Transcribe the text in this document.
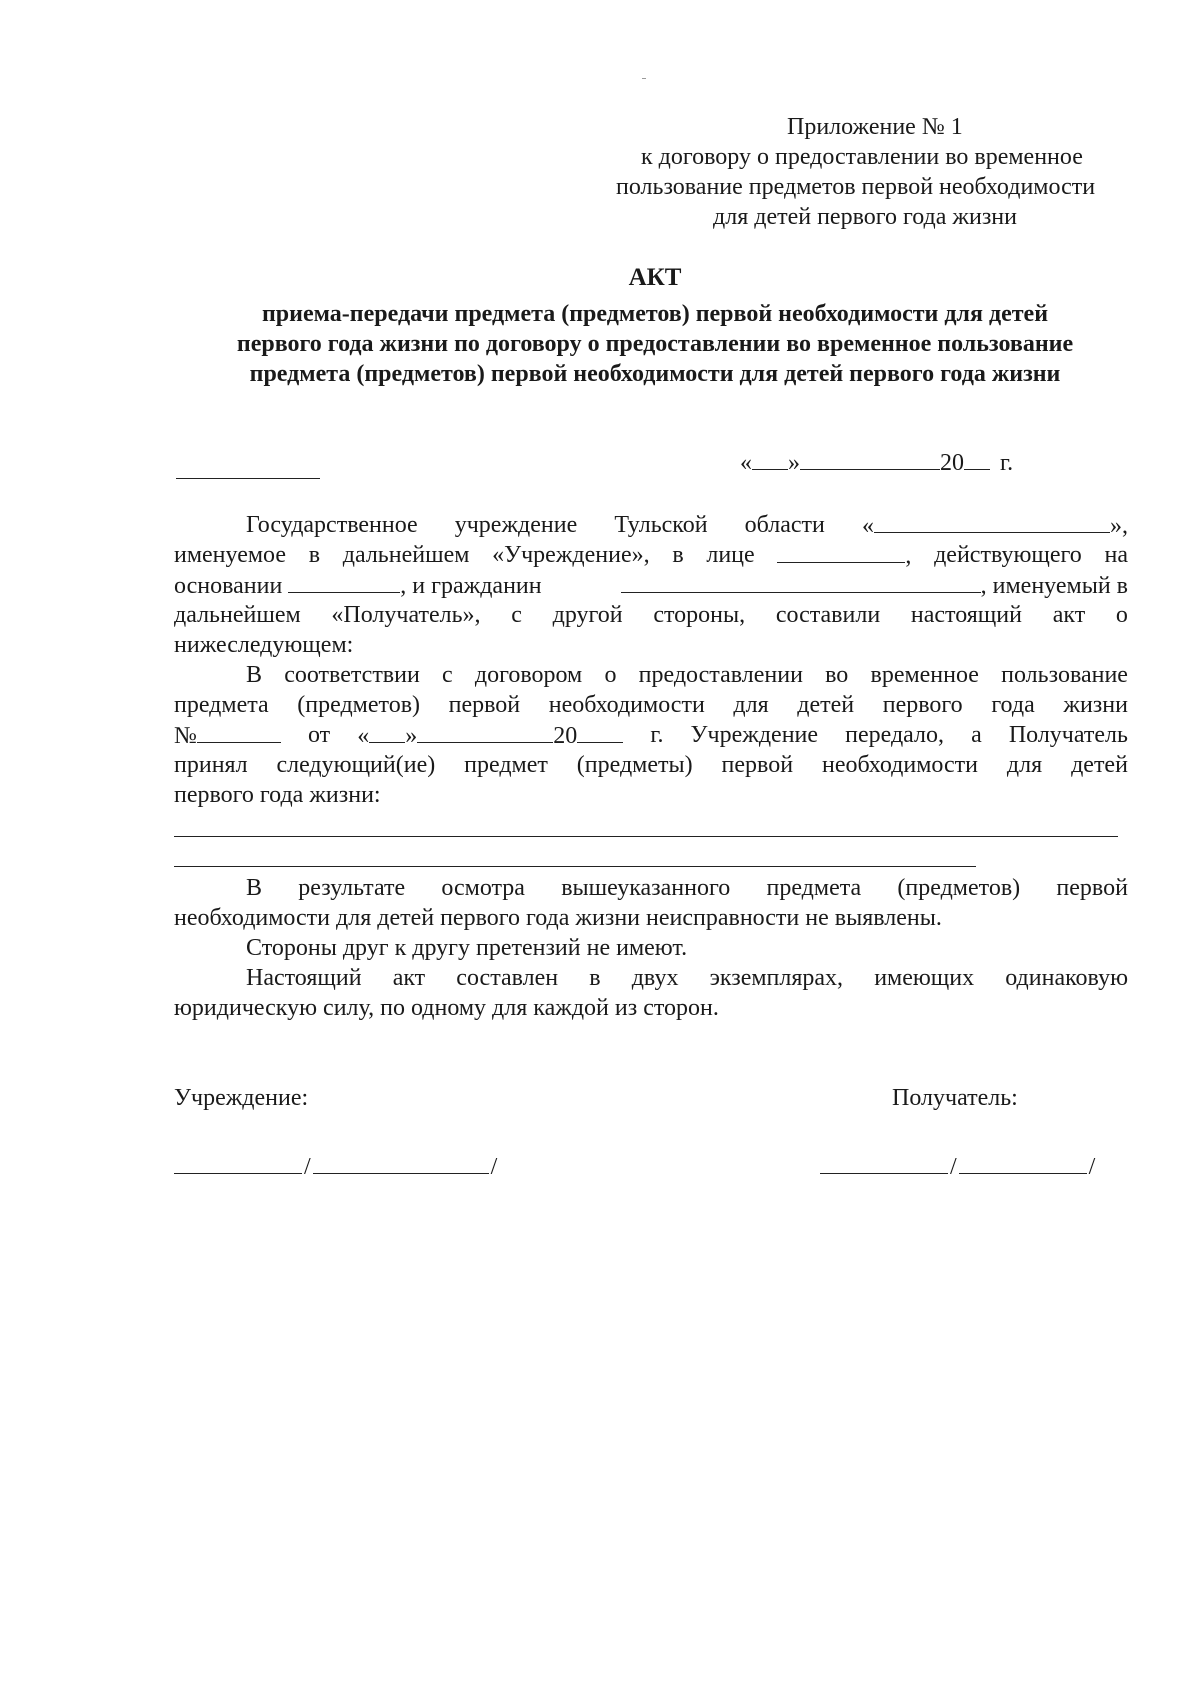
Приложение № 1
к договору о предоставлении во временное
пользование предметов первой необходимости
для детей первого года жизни
АКТ
приема-передачи предмета (предметов) первой необходимости для детей
первого года жизни по договору о предоставлении во временное пользование
предмета (предметов) первой необходимости для детей первого года жизни
« »	20 г.
Государственное учреждение Тульской области «	»,
именуемое в дальнейшем «Учреждение», в лице	, действующего на
основании	, и гражданин	, именуемый в
дальнейшем «Получатель», с другой стороны, составили настоящий акт о
нижеследующем:
В соответствии с договором о предоставлении во временное пользование
предмета (предметов) первой необходимости для детей первого года жизни
№	от « »	20	г. Учреждение передало, а Получатель
принял следующий(ие) предмет (предметы) первой необходимости для детей
первого года жизни:
В результате осмотра вышеуказанного предмета (предметов) первой
необходимости для детей первого года жизни неисправности не выявлены.
Стороны друг к другу претензий не имеют.
Настоящий акт составлен в двух экземплярах, имеющих одинаковую
юридическую силу, по одному для каждой из сторон.
Учреждение:	Получатель:
/	/	/	/
